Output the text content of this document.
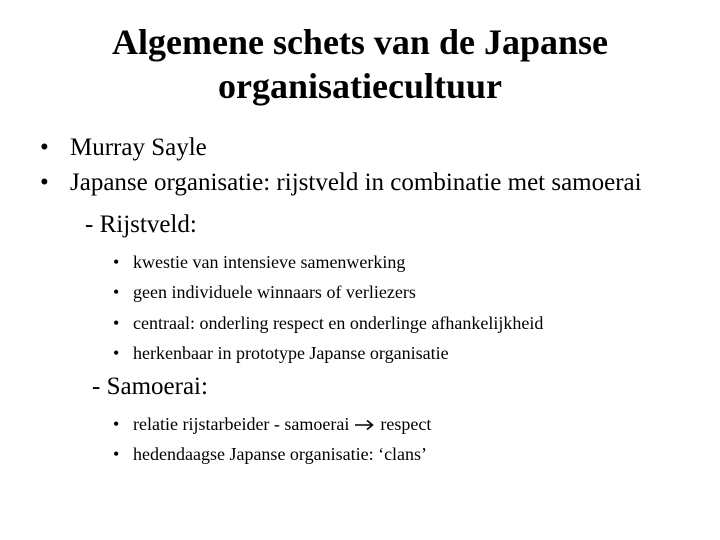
Algemene schets van de Japanse
organisatiecultuur
• Murray Sayle
• Japanse organisatie: rijstveld in combinatie met samoerai
- Rijstveld:
• kwestie van intensieve samenwerking
• geen individuele winnaars of verliezers
• centraal: onderling respect en onderlinge afhankelijkheid
• herkenbaar in prototype Japanse organisatie
- Samoerai:
• relatie rijstarbeider - samoerai respect
• hedendaagse Japanse organisatie: ‘clans’
